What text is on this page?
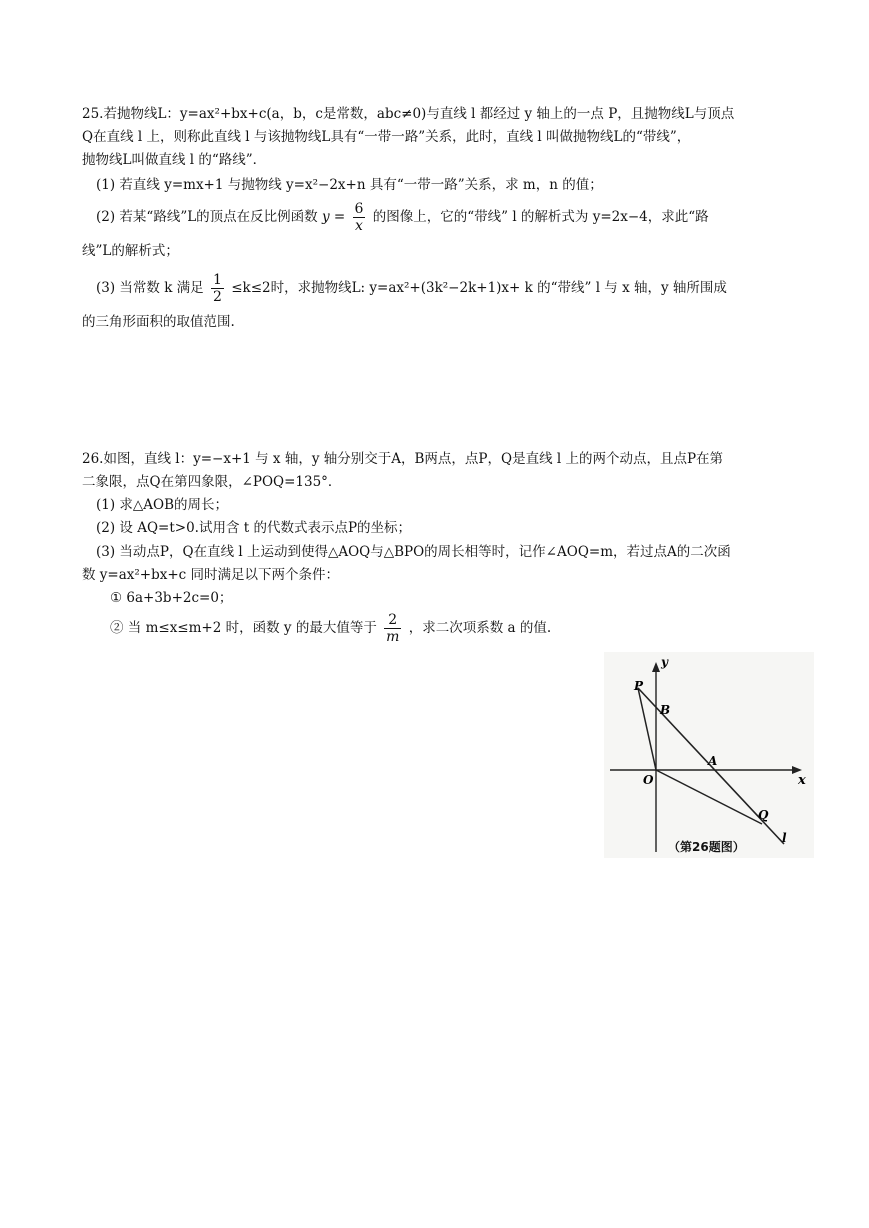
25.若抛物线L：y=ax²+bx+c(a，b，c是常数，abc≠0)与直线 l 都经过 y 轴上的一点 P，且抛物线L与顶点
Q在直线 l 上，则称此直线 l 与该抛物线L具有“一带一路”关系，此时，直线 l 叫做抛物线L的“带线”，
抛物线L叫做直线 l 的“路线”．
(1) 若直线 y=mx+1 与抛物线 y=x²−2x+n 具有“一带一路”关系，求 m，n 的值；
(2) 若某“路线”L的顶点在反比例函数 $y = \frac{6}{x}$ 的图像上，它的“带线” l 的解析式为 y=2x−4，求此“路
线”L的解析式；
(3) 当常数 k 满足 $\frac{1}{2} \le k\le 2$时，求抛物线L: y=ax²+(3k²−2k+1)x+ k 的“带线” l 与 x 轴，y 轴所围成
的三角形面积的取值范围.
26.如图，直线 l：y=−x+1 与 x 轴，y 轴分别交于A，B两点，点P，Q是直线 l 上的两个动点，且点P在第
二象限，点Q在第四象限，∠POQ=135°．
(1) 求△AOB的周长；
(2) 设 AQ=t>0.试用含 t 的代数式表示点P的坐标；
(3) 当动点P，Q在直线 l 上运动到使得△AOQ与△BPO的周长相等时，记作∠AOQ=m，若过点A的二次函
数 y=ax²+bx+c 同时满足以下两个条件：
① 6a+3b+2c=0；
② 当 m≤x≤m+2 时，函数 y 的最大值等于 $\frac{2}{m}$ ，求二次项系数 a 的值.
y
x
P
B
O
A
Q
l
（第26题图）
